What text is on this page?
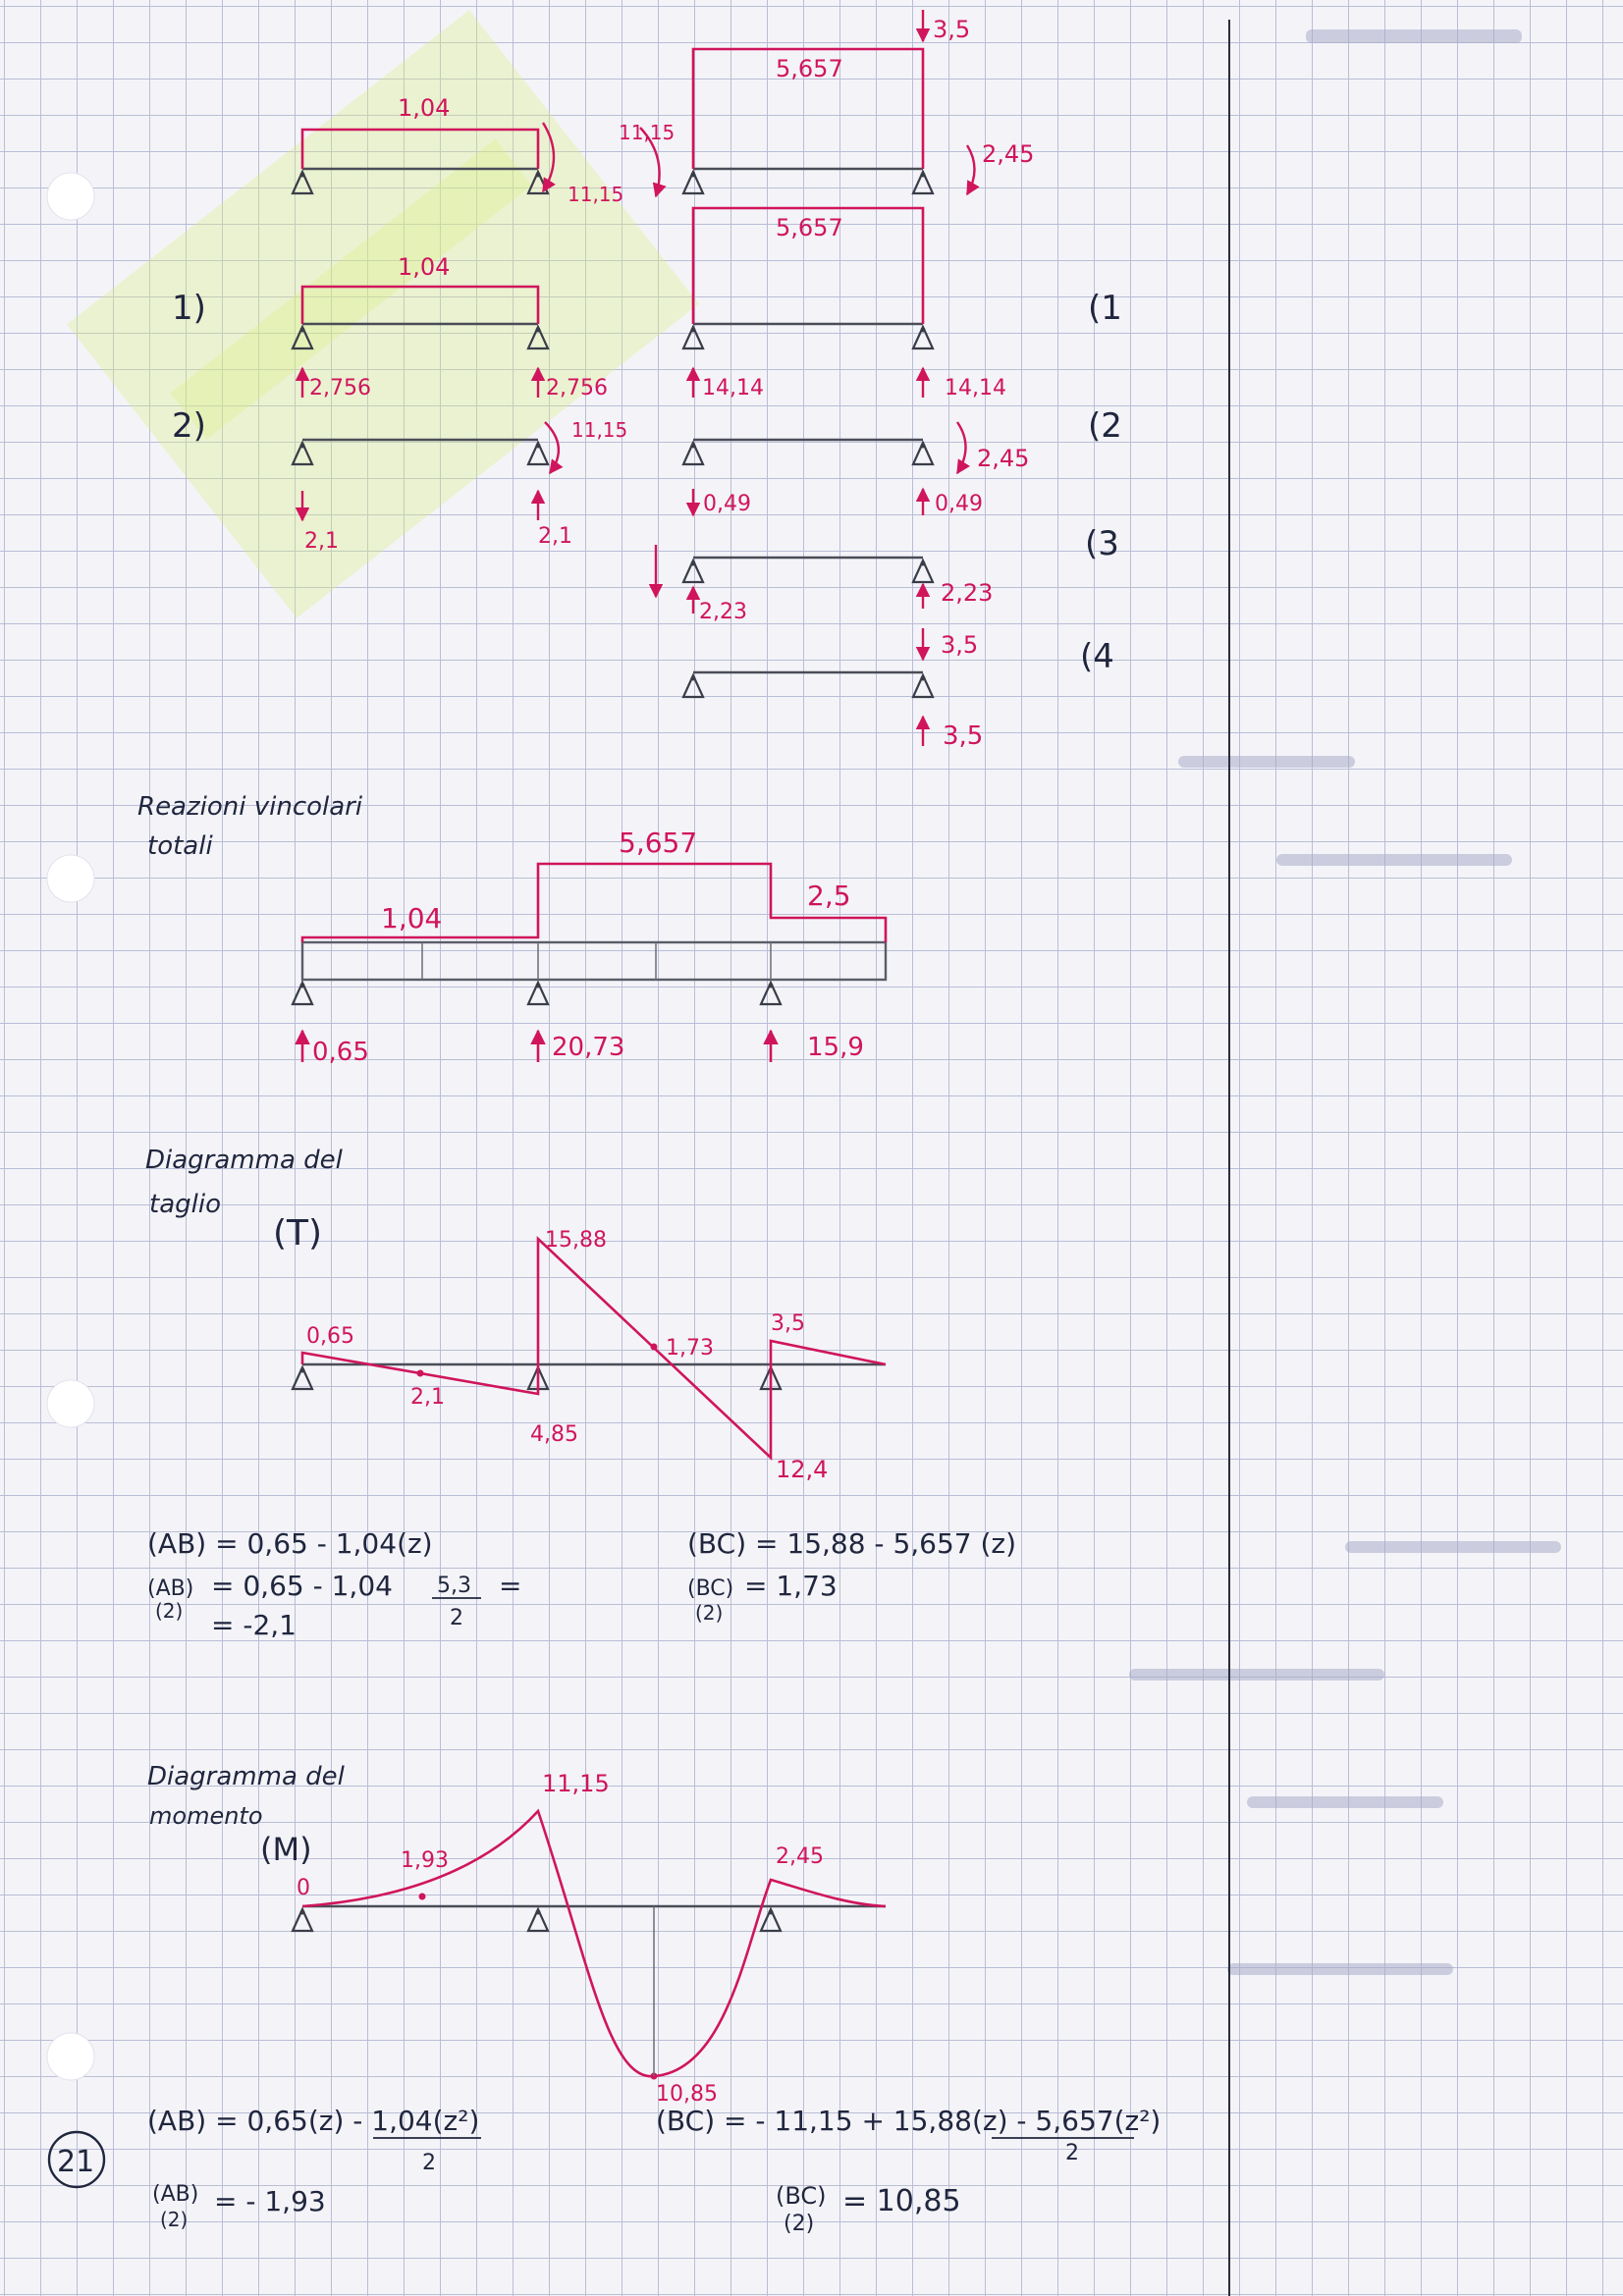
1,04
11,15
11,15
3,5
5,657
2,45
1)	(1
1,04
5,657
2,756	2,756	14,14	14,14
2)	(2
11,15
2,1	2,1
2,45
0,49	0,49
(3
2,23
2,23
(4
3,5
3,5
Reazioni vincolari
totali
1,04
5,657
2,5
0,65	20,73	15,9
Diagramma del
taglio
(T)
0,65
2,1
4,85
15,88
1,73
12,4
3,5
(AB) = 0,65 - 1,04(z)
(AB)
(2)
= 0,65 - 1,04 5,3
2
=
= -2,1
(BC) = 15,88 - 5,657 (z)
(BC)
(2)
= 1,73
Diagramma del
momento
(M)
0
1,93
11,15
2,45
10,85
(AB) = 0,65(z) - 1,04(z²)
2
(AB)
(2)
= - 1,93
(BC) = - 11,15 + 15,88(z) - 5,657(z²)
2
(BC)
(2)
= 10,85
21
